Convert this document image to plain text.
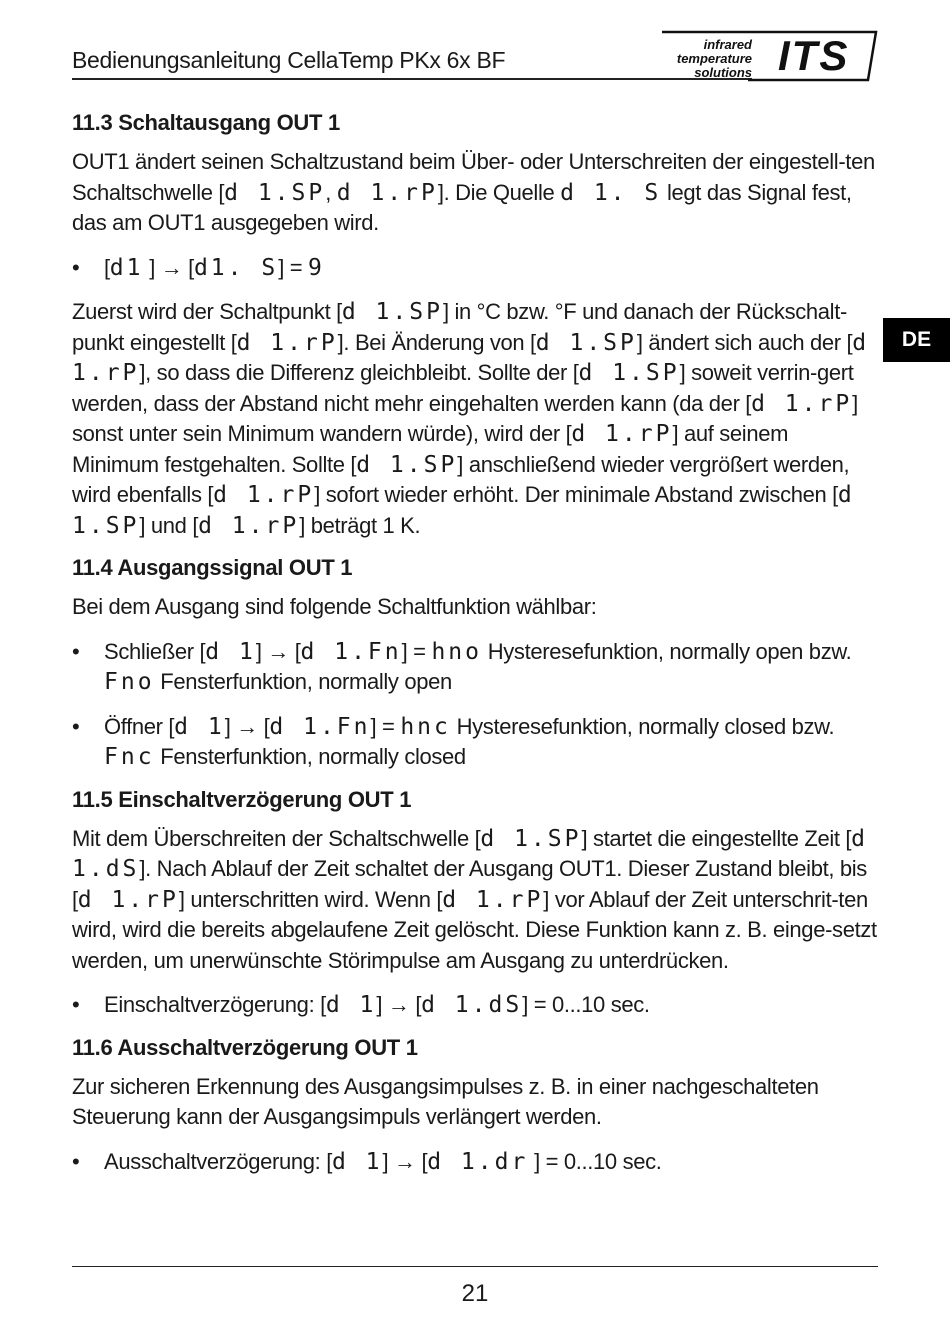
Bedienungsanleitung CellaTemp PKx 6x BF
infrared
temperature
solutions ITS
DE
11.3 Schaltausgang OUT 1

OUT1 ändert seinen Schaltzustand beim Über- oder Unterschreiten der eingestell-ten Schaltschwelle [d 1.SP, d 1.rP]. Die Quelle d 1. S legt das Signal fest, das am OUT1 ausgegeben wird.

• [d1 ] → [d1. S] = 9

Zuerst wird der Schaltpunkt [d 1.SP] in °C bzw. °F und danach der Rückschalt-punkt eingestellt [d 1.rP]. Bei Änderung von [d 1.SP] ändert sich auch der [d 1.rP], so dass die Differenz gleichbleibt. Sollte der [d 1.SP] soweit verrin-gert werden, dass der Abstand nicht mehr eingehalten werden kann (da der [d 1.rP] sonst unter sein Minimum wandern würde), wird der [d 1.rP] auf seinem Minimum festgehalten. Sollte [d 1.SP] anschließend wieder vergrößert werden, wird ebenfalls [d 1.rP] sofort wieder erhöht. Der minimale Abstand zwischen [d 1.SP] und [d 1.rP] beträgt 1 K.

11.4 Ausgangssignal OUT 1

Bei dem Ausgang sind folgende Schaltfunktion wählbar:

• Schließer [d 1] → [d 1.Fn] = hno Hysteresefunktion, normally open bzw. Fno Fensterfunktion, normally open
• Öffner [d 1] → [d 1.Fn] = hnc Hysteresefunktion, normally closed bzw. Fnc Fensterfunktion, normally closed
11.5 Einschaltverzögerung OUT 1

Mit dem Überschreiten der Schaltschwelle [d 1.SP] startet die eingestellte Zeit [d 1.dS]. Nach Ablauf der Zeit schaltet der Ausgang OUT1. Dieser Zustand bleibt, bis [d 1.rP] unterschritten wird. Wenn [d 1.rP] vor Ablauf der Zeit unterschrit-ten wird, wird die bereits abgelaufene Zeit gelöscht. Diese Funktion kann z. B. einge-setzt werden, um unerwünschte Störimpulse am Ausgang zu unterdrücken.

• Einschaltverzögerung: [d 1] → [d 1.dS] = 0...10 sec.
11.6 Ausschaltverzögerung OUT 1

Zur sicheren Erkennung des Ausgangsimpulses z. B. in einer nachgeschalteten Steuerung kann der Ausgangsimpuls verlängert werden.

• Ausschaltverzögerung: [d 1] → [d 1.dr ] = 0...10 sec.
21
